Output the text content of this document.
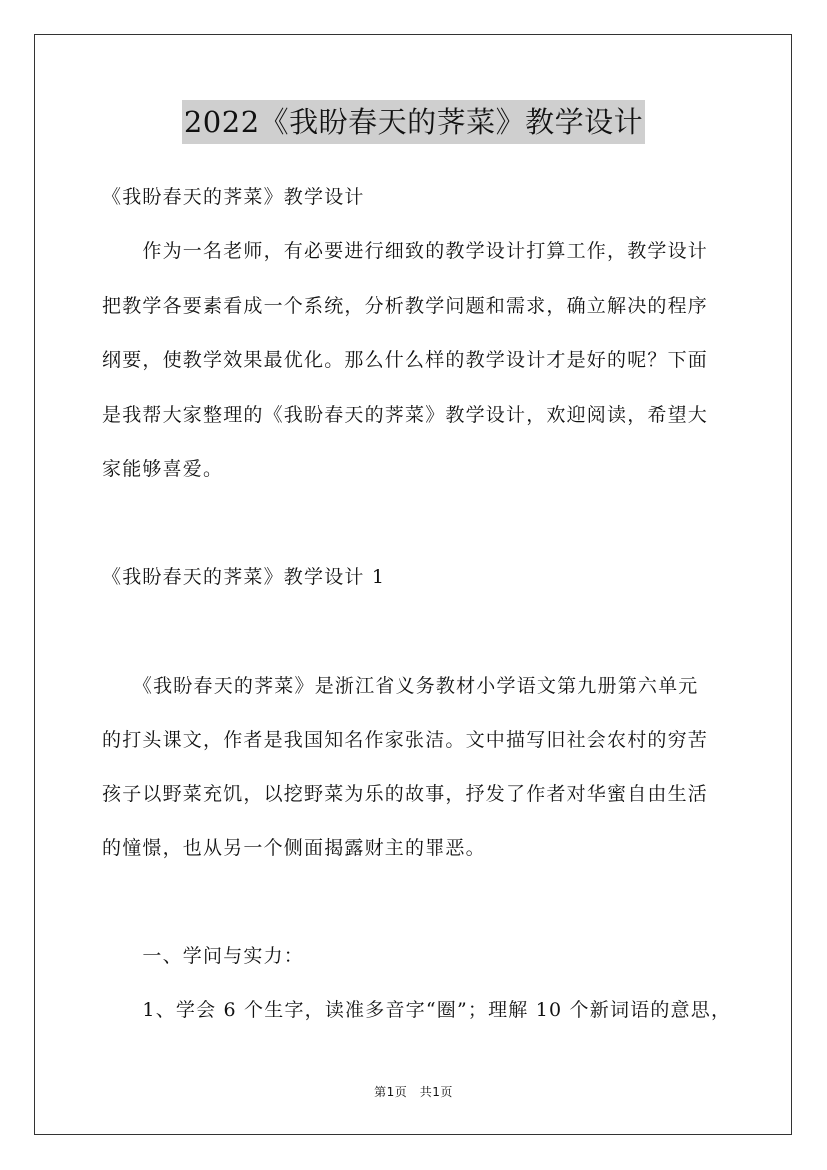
2022《我盼春天的荠菜》教学设计
《我盼春天的荠菜》教学设计
　　作为一名老师，有必要进行细致的教学设计打算工作，教学设计
把教学各要素看成一个系统，分析教学问题和需求，确立解决的程序
纲要，使教学效果最优化。那么什么样的教学设计才是好的呢？下面
是我帮大家整理的《我盼春天的荠菜》教学设计，欢迎阅读，希望大
家能够喜爱。
《我盼春天的荠菜》教学设计 1
　　《我盼春天的荠菜》是浙江省义务教材小学语文第九册第六单元
的打头课文，作者是我国知名作家张洁。文中描写旧社会农村的穷苦
孩子以野菜充饥，以挖野菜为乐的故事，抒发了作者对华蜜自由生活
的憧憬，也从另一个侧面揭露财主的罪恶。
　　一、学问与实力：
　　1、学会 6 个生字，读准多音字“圈”；理解 10 个新词语的意思，
第1页　共1页
